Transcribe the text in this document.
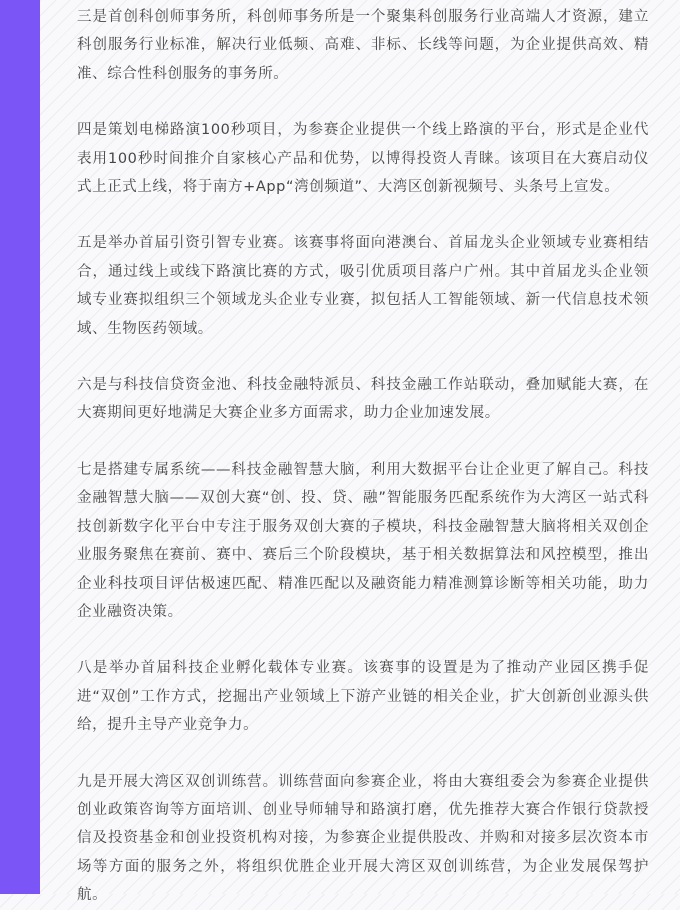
三是首创科创师事务所，科创师事务所是一个聚集科创服务行业高端人才资源，建立科创服务行业标准，解决行业低频、高难、非标、长线等问题，为企业提供高效、精准、综合性科创服务的事务所。

四是策划电梯路演100秒项目，为参赛企业提供一个线上路演的平台，形式是企业代表用100秒时间推介自家核心产品和优势，以博得投资人青睐。该项目在大赛启动仪式上正式上线，将于南方+App“湾创频道”、大湾区创新视频号、头条号上宣发。

五是举办首届引资引智专业赛。该赛事将面向港澳台、首届龙头企业领域专业赛相结合，通过线上或线下路演比赛的方式，吸引优质项目落户广州。其中首届龙头企业领域专业赛拟组织三个领域龙头企业专业赛，拟包括人工智能领域、新一代信息技术领域、生物医药领域。

六是与科技信贷资金池、科技金融特派员、科技金融工作站联动，叠加赋能大赛，在大赛期间更好地满足大赛企业多方面需求，助力企业加速发展。

七是搭建专属系统——科技金融智慧大脑，利用大数据平台让企业更了解自己。科技金融智慧大脑——双创大赛“创、投、贷、融”智能服务匹配系统作为大湾区一站式科技创新数字化平台中专注于服务双创大赛的子模块，科技金融智慧大脑将相关双创企业服务聚焦在赛前、赛中、赛后三个阶段模块，基于相关数据算法和风控模型，推出企业科技项目评估极速匹配、精准匹配以及融资能力精准测算诊断等相关功能，助力企业融资决策。

八是举办首届科技企业孵化载体专业赛。该赛事的设置是为了推动产业园区携手促进“双创”工作方式，挖掘出产业领域上下游产业链的相关企业，扩大创新创业源头供给，提升主导产业竞争力。

九是开展大湾区双创训练营。训练营面向参赛企业，将由大赛组委会为参赛企业提供创业政策咨询等方面培训、创业导师辅导和路演打磨，优先推荐大赛合作银行贷款授信及投资基金和创业投资机构对接，为参赛企业提供股改、并购和对接多层次资本市场等方面的服务之外，将组织优胜企业开展大湾区双创训练营，为企业发展保驾护航。
